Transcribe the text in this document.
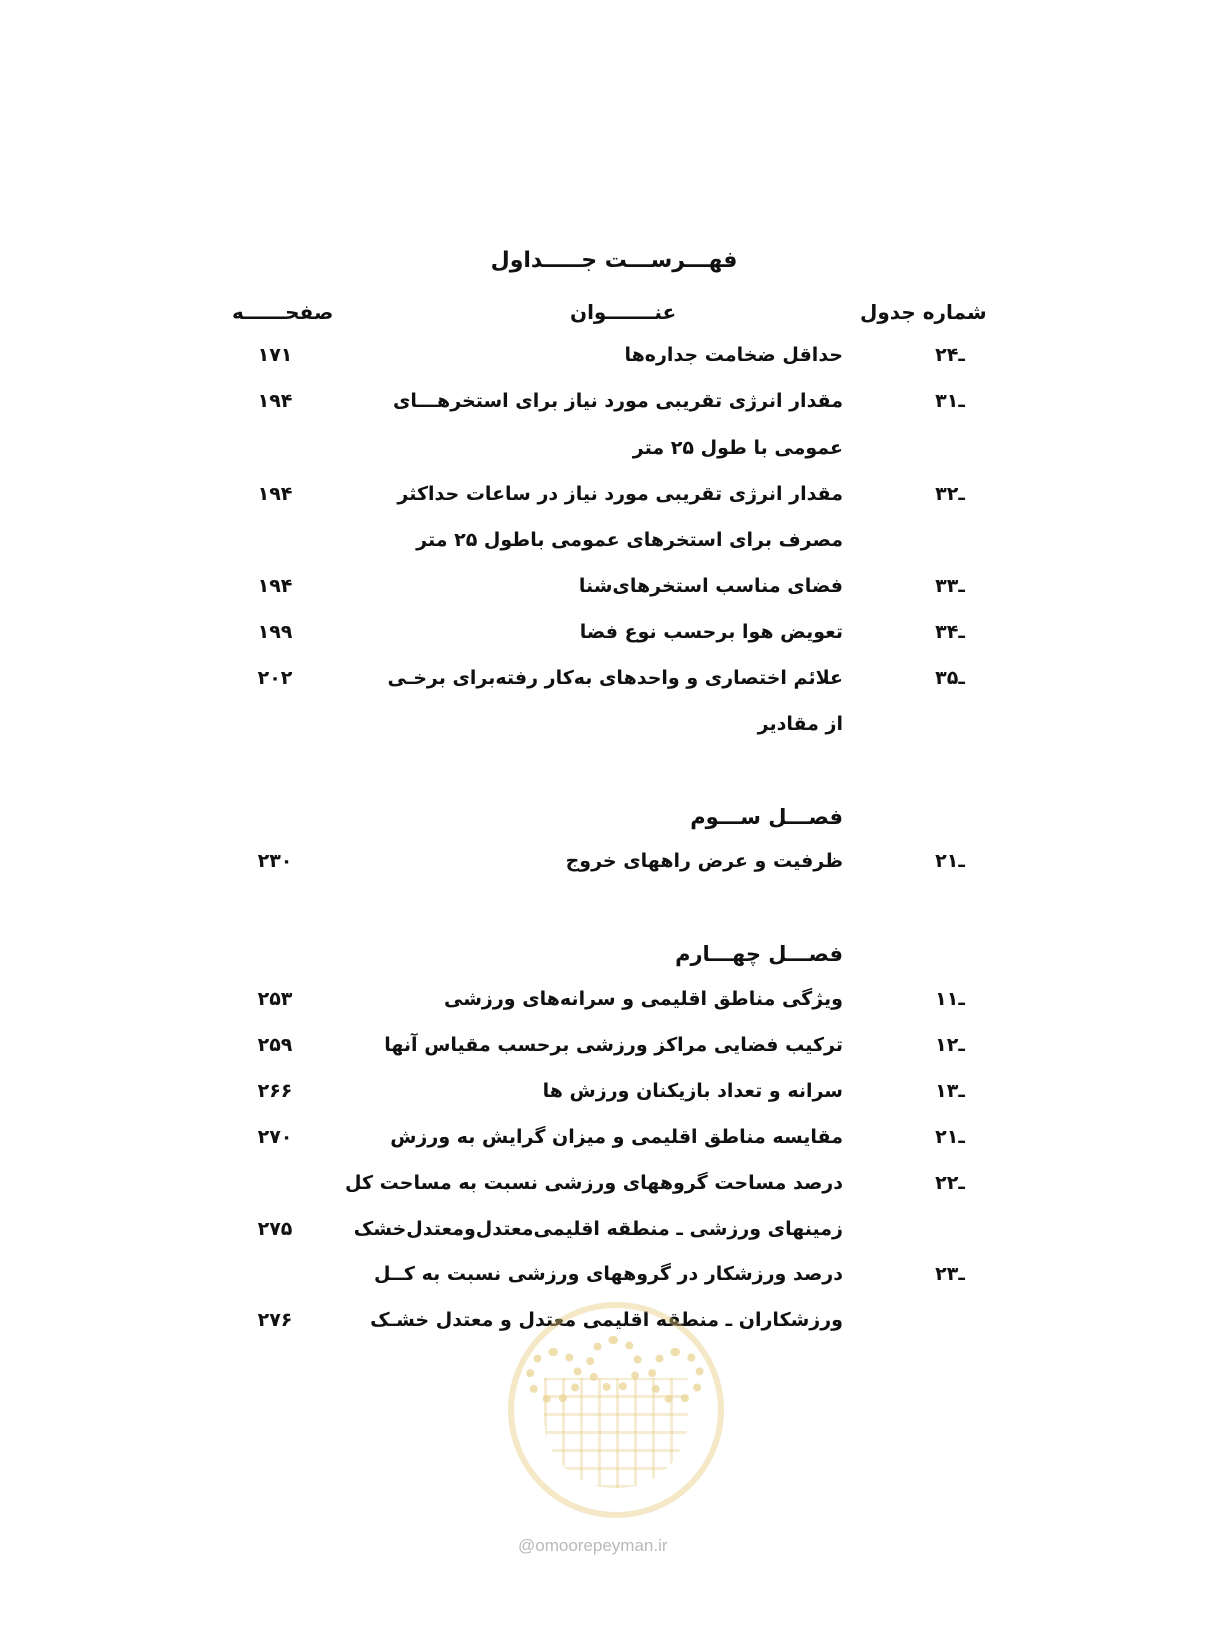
فهـــرســـت جـــــداول
شماره جدول
عنـــــــوان
صفحــــــه
۲ـ۴
حداقل ضخامت جداره‌ها
۱۷۱
۳ـ۱
مقدار انرژی تقریبی مورد نیاز برای استخرهـــای
۱۹۴
عمومی با طول ۲۵ متر
۳ـ۲
مقدار انرژی تقریبی مورد نیاز در ساعات حداکثر
۱۹۴
مصرف برای استخرهای عمومی باطول ۲۵ متر
۳ـ۳
فضای مناسب استخرهای‌شنا
۱۹۴
۳ـ۴
تعویض هوا برحسب نوع فضا
۱۹۹
۳ـ۵
علائم اختصاری و واحدهای به‌کار رفته‌برای برخـی
۲۰۲
از مقادیر
فصـــل ســـوم
۲ـ۱
ظرفیت و عرض راههای خروج
۲۳۰
فصـــل چهـــارم
۱ـ۱
ویژگی مناطق اقلیمی و سرانه‌های ورزشی
۲۵۳
۱ـ۲
ترکیب فضایی مراکز ورزشی برحسب مقیاس آنها
۲۵۹
۱ـ۳
سرانه و تعداد بازیکنان ورزش ها
۲۶۶
۲ـ۱
مقایسه مناطق اقلیمی و میزان گرایش به ورزش
۲۷۰
۲ـ۲
درصد مساحت گروههای ورزشی نسبت به مساحت کل
زمینهای ورزشی ـ منطقه اقلیمی‌معتدل‌ومعتدل‌خشک
۲۷۵
۲ـ۳
درصد ورزشکار در گروههای ورزشی نسبت به کــل
ورزشکاران ـ منطقه اقلیمی معتدل و معتدل خشـک
۲۷۶
@omoorepeyman.ir
